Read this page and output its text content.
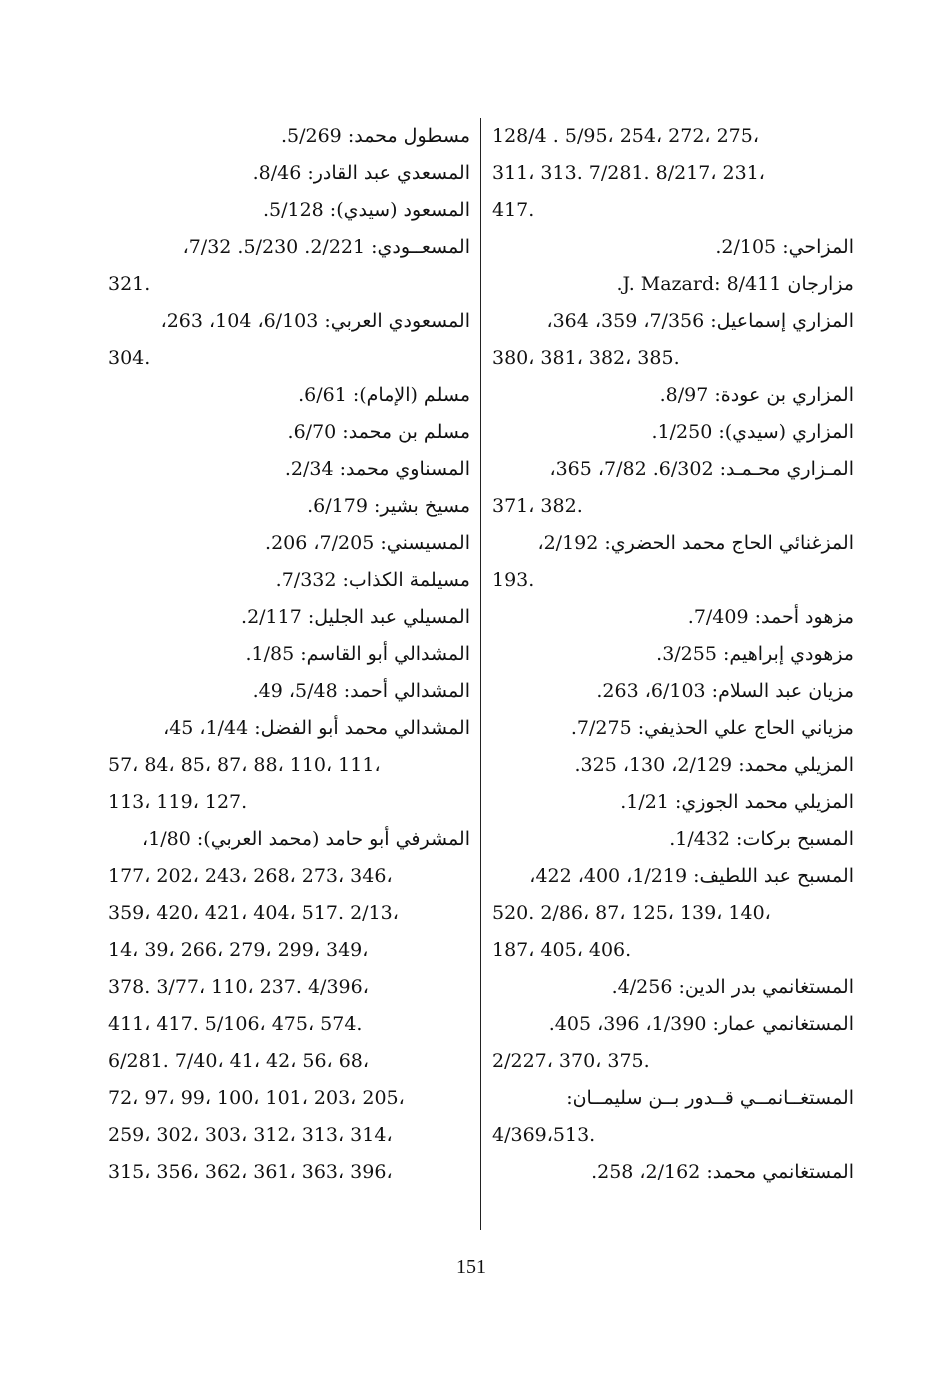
128/4 . 5/95، 254، 272، 275،
311، 313. 7/281. 8/217، 231،
417.
المزاحي: 2/105.
مزارجان J. Mazard: 8/411.
المزاري إسماعيل: 7/356، 359، 364،
380، 381، 382، 385.
المزاري بن عودة: 8/97.
المزاري (سيدي): 1/250.
المـزاري محـمـد: 6/302. 7/82، 365،
371، 382.
المزغنائي الحاج محمد الحضري: 2/192،
193.
مزهود أحمد: 7/409.
مزهودي إبراهيم: 3/255.
مزيان عبد السلام: 6/103، 263.
مزياني الحاج علي الحذيفي: 7/275.
المزيلي محمد: 2/129، 130، 325.
المزيلي محمد الجوزي: 1/21.
المسبح بركات: 1/432.
المسبح عبد اللطيف: 1/219، 400، 422،
520. 2/86، 87، 125، 139، 140،
187، 405، 406.
المستغانمي بدر الدين: 4/256.
المستغانمي عمار: 1/390، 396، 405.
2/227، 370، 375.
المستغــانمــي قــدور بــن سليمــان:
4/369،513.
المستغانمي محمد: 2/162، 258.
مسطول محمد: 5/269.
المسعدي عبد القادر: 8/46.
المسعود (سيدي): 5/128.
المسعــودي: 2/221. 5/230. 7/32،
321.
المسعودي العربي: 6/103، 104، 263،
304.
مسلم (الإمام): 6/61.
مسلم بن محمد: 6/70.
المسناوي محمد: 2/34.
مسيخ بشير: 6/179.
المسيسني: 7/205، 206.
مسيلمة الكذاب: 7/332.
المسيلي عبد الجليل: 2/117.
المشدالي أبو القاسم: 1/85.
المشدالي أحمد: 5/48، 49.
المشدالي محمد أبو الفضل: 1/44، 45،
57، 84، 85، 87، 88، 110، 111،
113، 119، 127.
المشرفي أبو حامد (محمد العربي): 1/80،
177، 202، 243، 268، 273، 346،
359، 420، 421، 404، 517. 2/13،
14، 39، 266، 279، 299، 349،
378. 3/77، 110، 237. 4/396،
411، 417. 5/106، 475، 574.
6/281. 7/40، 41، 42، 56، 68،
72، 97، 99، 100، 101، 203، 205،
259، 302، 303، 312، 313، 314،
315، 356، 362، 361، 363، 396،
151
